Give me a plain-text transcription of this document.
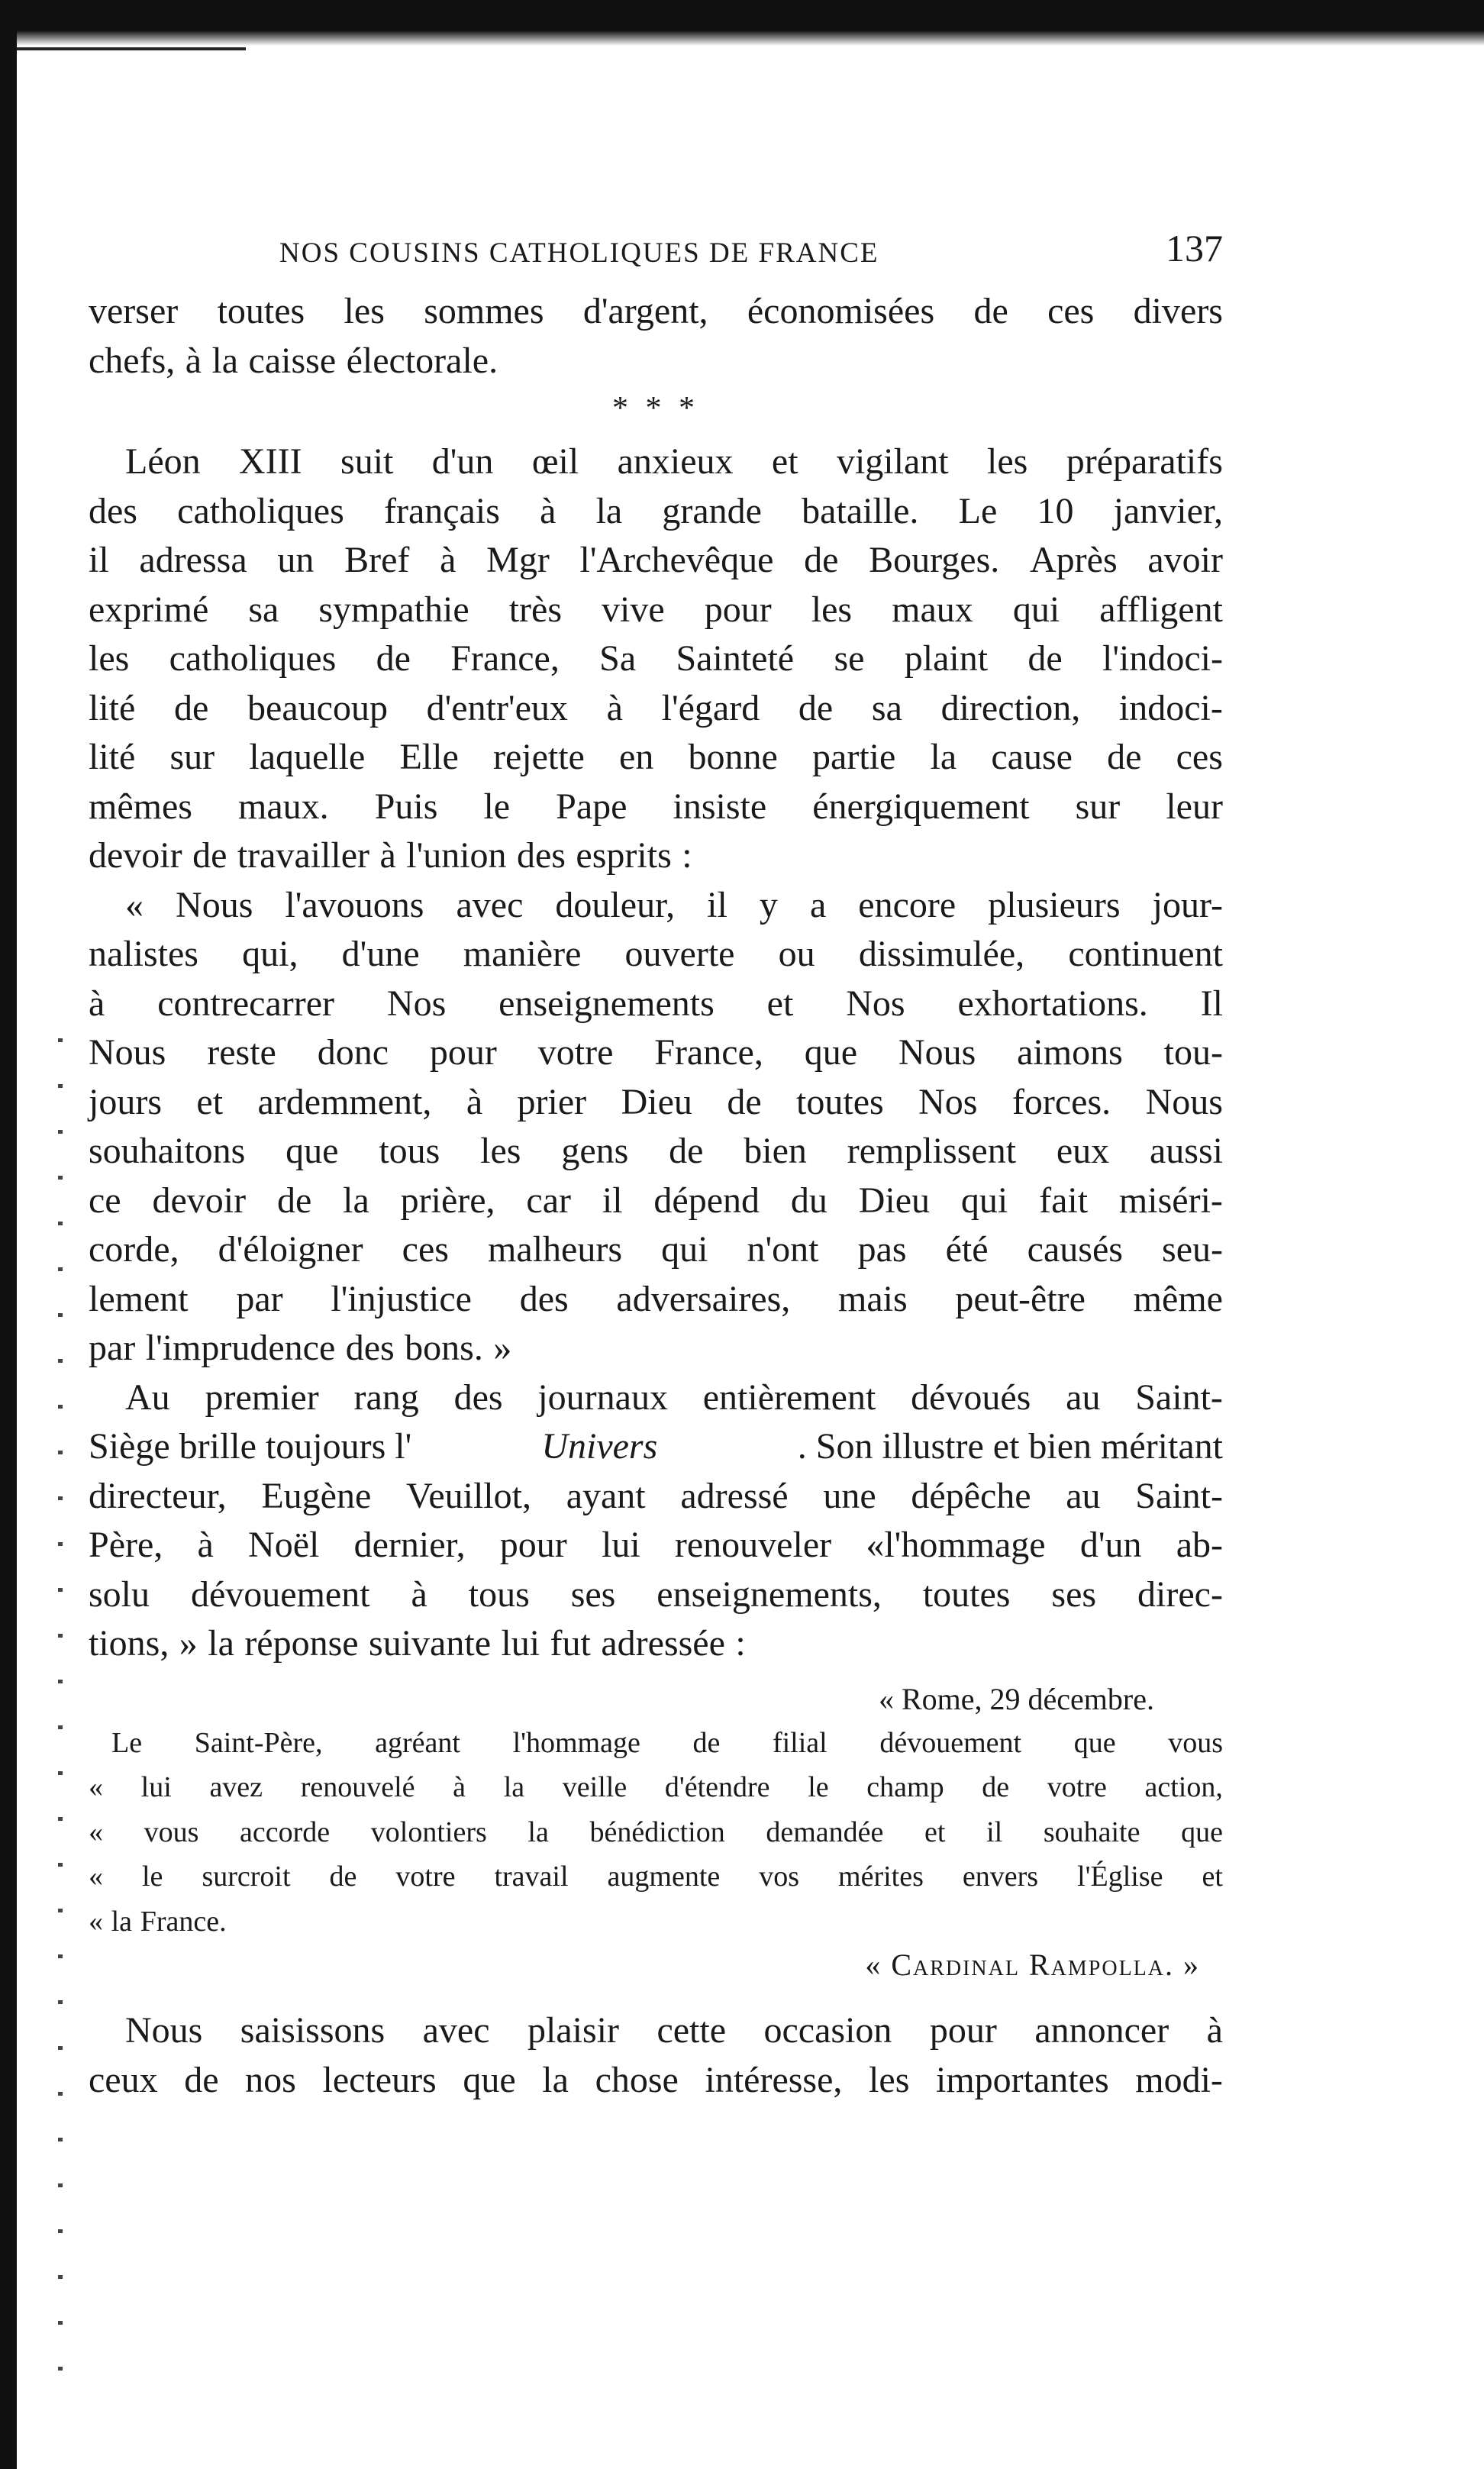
NOS COUSINS CATHOLIQUES DE FRANCE	137
verser toutes les sommes d'argent, économisées de ces divers
chefs, à la caisse électorale.
* * *
Léon XIII suit d'un œil anxieux et vigilant les préparatifs
des catholiques français à la grande bataille. Le 10 janvier,
il adressa un Bref à Mgr l'Archevêque de Bourges. Après avoir
exprimé sa sympathie très vive pour les maux qui affligent
les catholiques de France, Sa Sainteté se plaint de l'indoci-
lité de beaucoup d'entr'eux à l'égard de sa direction, indoci-
lité sur laquelle Elle rejette en bonne partie la cause de ces
mêmes maux. Puis le Pape insiste énergiquement sur leur
devoir de travailler à l'union des esprits :
« Nous l'avouons avec douleur, il y a encore plusieurs jour-
nalistes qui, d'une manière ouverte ou dissimulée, continuent
à contrecarrer Nos enseignements et Nos exhortations. Il
Nous reste donc pour votre France, que Nous aimons tou-
jours et ardemment, à prier Dieu de toutes Nos forces. Nous
souhaitons que tous les gens de bien remplissent eux aussi
ce devoir de la prière, car il dépend du Dieu qui fait miséri-
corde, d'éloigner ces malheurs qui n'ont pas été causés seu-
lement par l'injustice des adversaires, mais peut-être même
par l'imprudence des bons. »
Au premier rang des journaux entièrement dévoués au Saint-
Siège brille toujours l'	Univers	. Son illustre et bien méritant
directeur, Eugène Veuillot, ayant adressé une dépêche au Saint-
Père, à Noël dernier, pour lui renouveler «l'hommage d'un ab-
solu dévouement à tous ses enseignements, toutes ses direc-
tions, » la réponse suivante lui fut adressée :
« Rome, 29 décembre.
Le Saint-Père, agréant l'hommage de filial dévouement que vous
« lui avez renouvelé à la veille d'étendre le champ de votre action,
« vous accorde volontiers la bénédiction demandée et il souhaite que
« le surcroit de votre travail augmente vos mérites envers l'Église et
« la France.
« Cardinal Rampolla. »
Nous saisissons avec plaisir cette occasion pour annoncer à
ceux de nos lecteurs que la chose intéresse, les importantes modi-
